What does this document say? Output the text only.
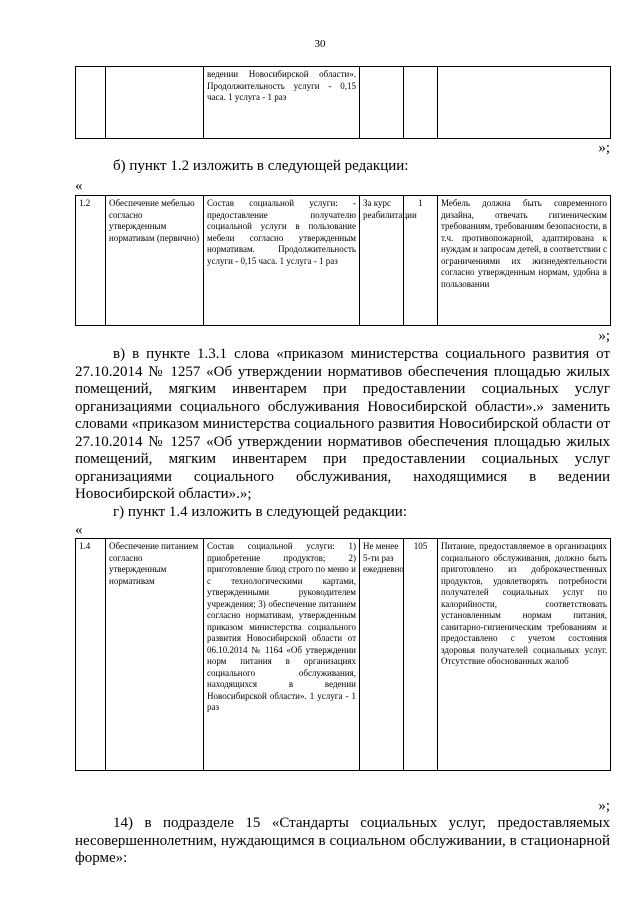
30
		ведении Новосибирской области». Продолжительность услуги - 0,15 часа. 1 услуга - 1 раз			
»;
б) пункт 1.2 изложить в следующей редакции:
«
1.2	Обеспечение мебелью согласно утвержденным нормативам (первично)	Состав социальной услуги: - предоставление получателю социальной услуги в пользование мебели согласно утвержденным нормативам. Продолжительность услуги - 0,15 часа. 1 услуга - 1 раз	За курс реабилитации	1	Мебель должна быть современного дизайна, отвечать гигиеническим требованиям, требованиям безопасности, в т.ч. противопожарной, адаптирована к нуждам и запросам детей, в соответствии с ограничениями их жизнедеятельности согласно утвержденным нормам, удобна в пользовании
»;
в) в пункте 1.3.1 слова «приказом министерства социального развития от 27.10.2014 № 1257 «Об утверждении нормативов обеспечения площадью жилых помещений, мягким инвентарем при предоставлении социальных услуг организациями социального обслуживания Новосибирской области».» заменить словами «приказом министерства социального развития Новосибирской области от 27.10.2014 № 1257 «Об утверждении нормативов обеспечения площадью жилых помещений, мягким инвентарем при предоставлении социальных услуг организациями социального обслуживания, находящимися в ведении Новосибирской области».»;
г) пункт 1.4 изложить в следующей редакции:
«
1.4	Обеспечение питанием согласно утвержденным нормативам	Состав социальной услуги: 1) приобретение продуктов; 2) приготовление блюд строго по меню и с технологическими картами, утвержденными руководителем учреждения; 3) обеспечение питанием согласно нормативам, утвержденным приказом министерства социального развития Новосибирской области от 06.10.2014 № 1164 «Об утверждении норм питания в организациях социального обслуживания, находящихся в ведении Новосибирской области». 1 услуга - 1 раз	Не менее 5-ти раз ежедневно	105	Питание, предоставляемое в организациях социального обслуживания, должно быть приготовлено из доброкачественных продуктов, удовлетворять потребности получателей социальных услуг по калорийности, соответствовать установленным нормам питания, санитарно-гигиеническим требованиям и предоставлено с учетом состояния здоровья получателей социальных услуг. Отсутствие обоснованных жалоб
»;
14) в подразделе 15 «Стандарты социальных услуг, предоставляемых несовершеннолетним, нуждающимся в социальном обслуживании, в стационарной форме»:
